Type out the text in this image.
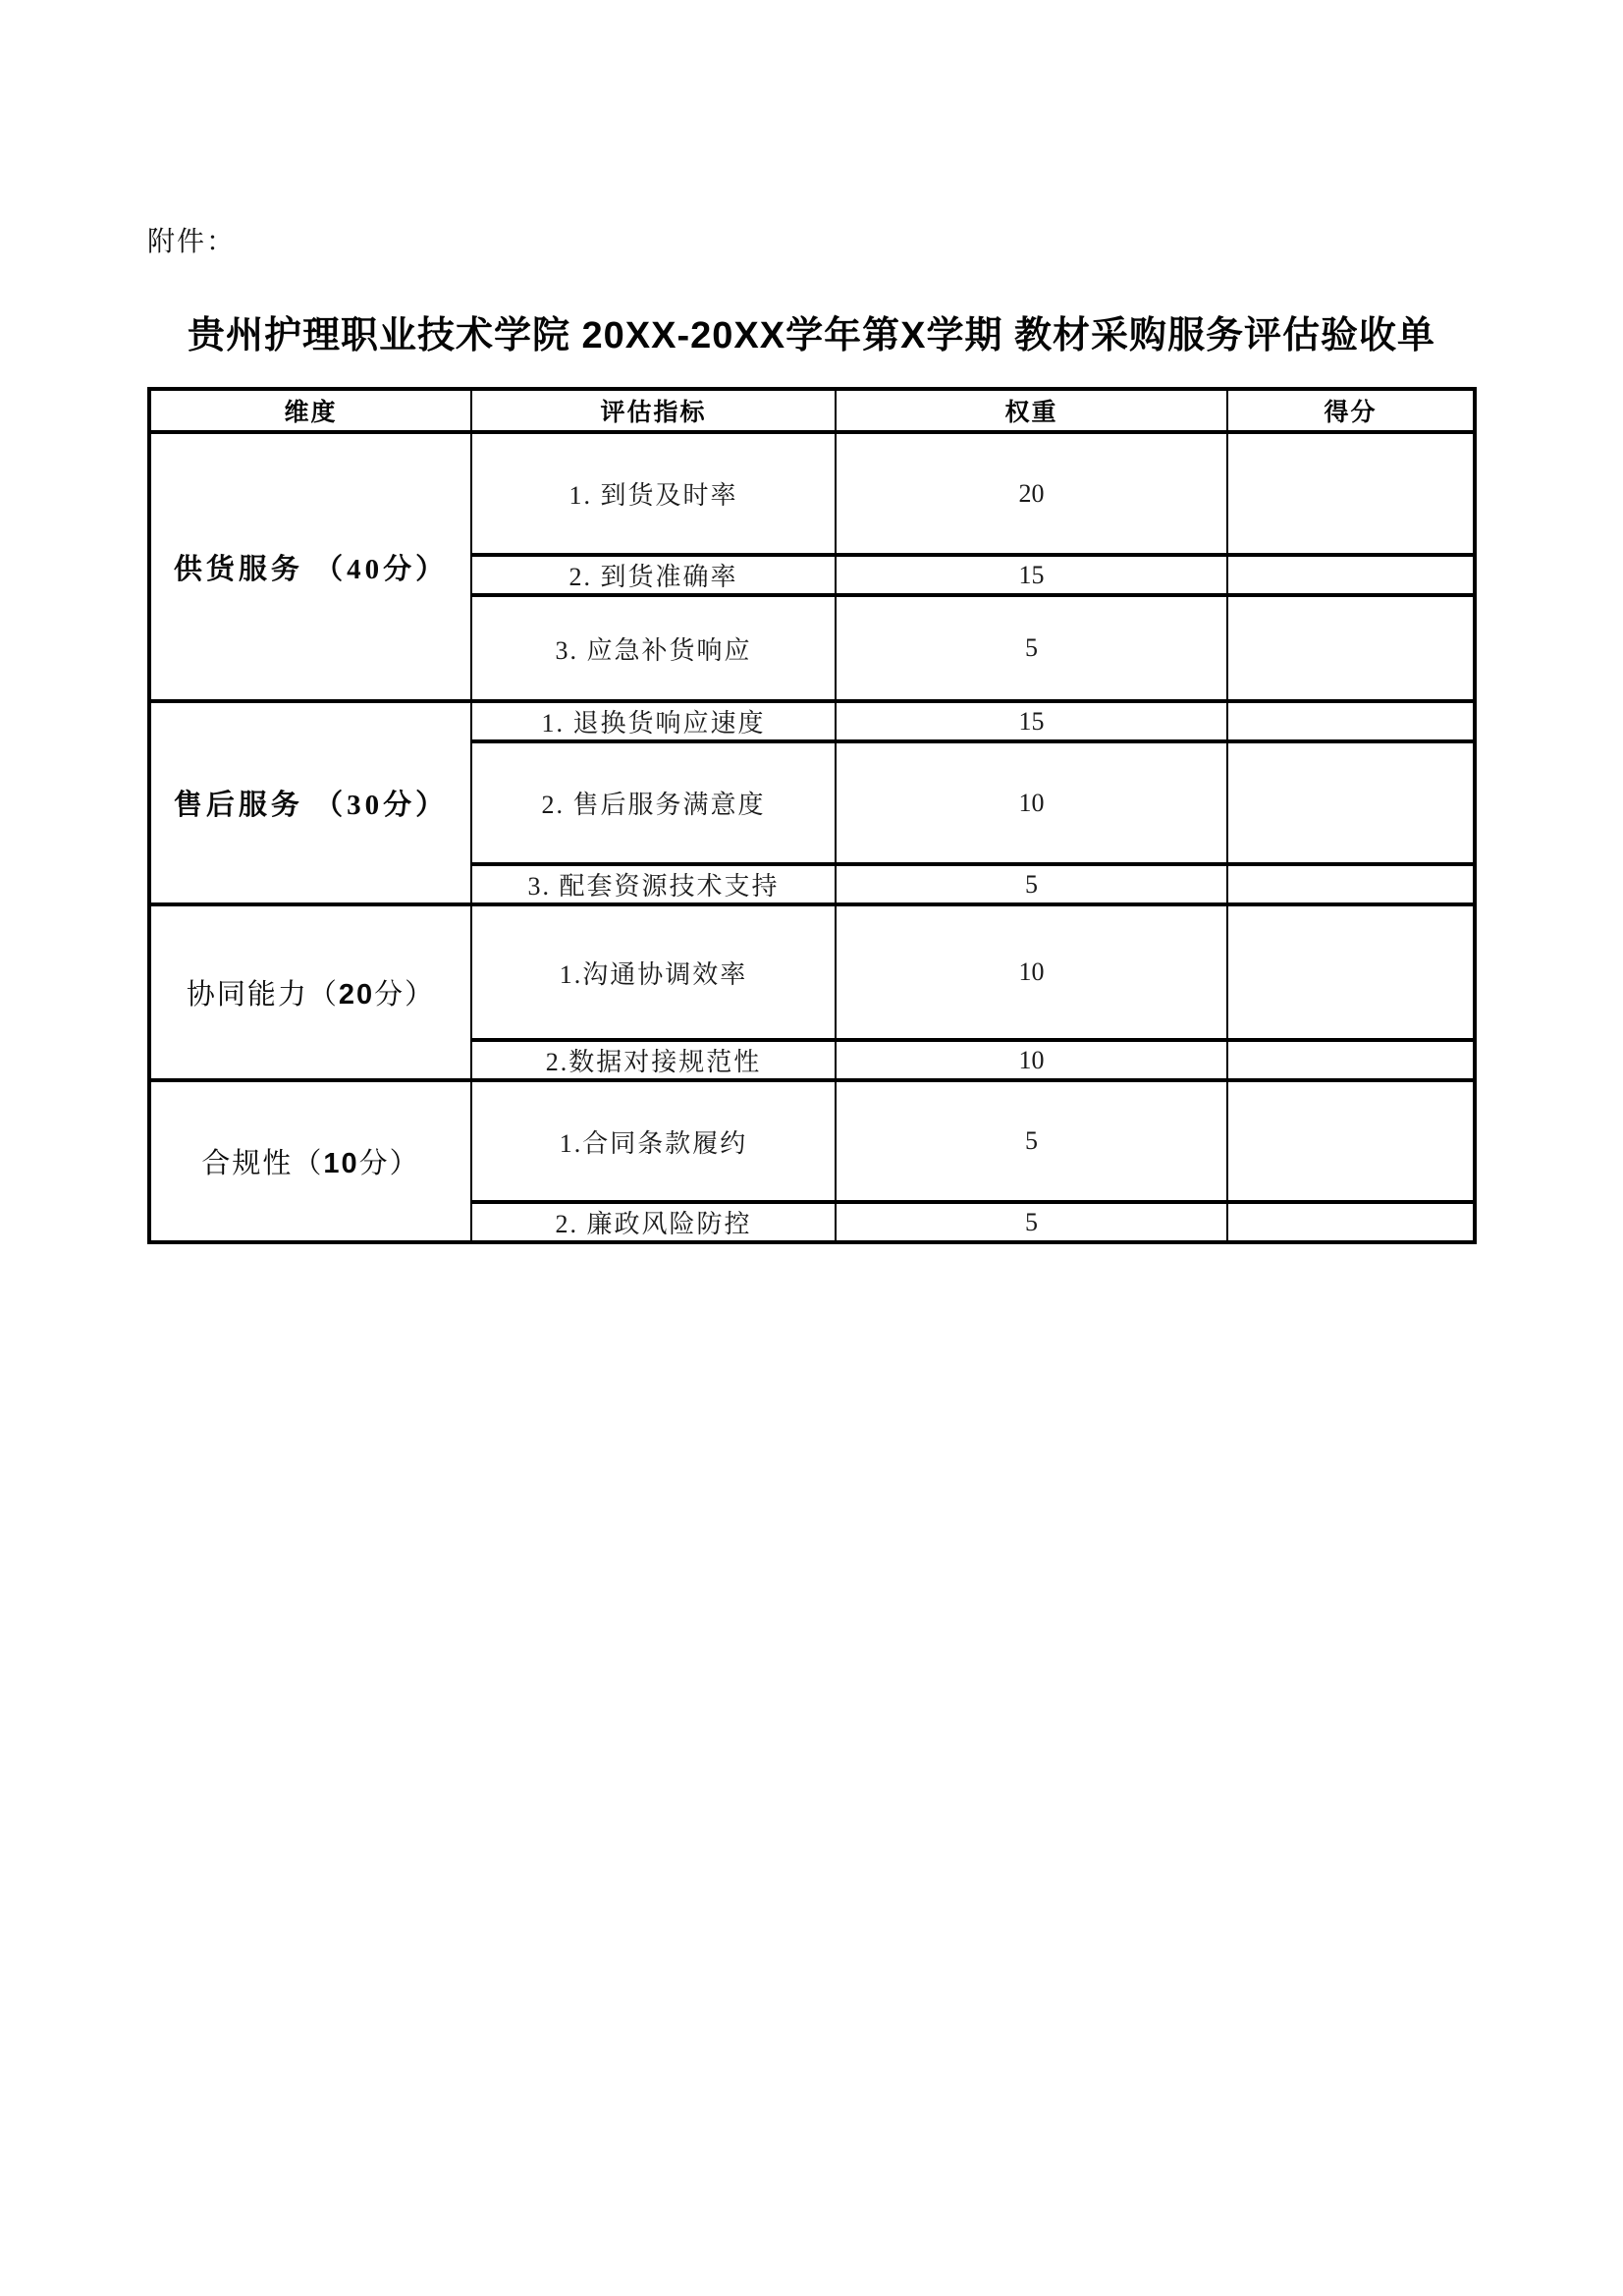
附件：
贵州护理职业技术学院 20XX-20XX学年第X学期 教材采购服务评估验收单
维度	评估指标	权重	得分
供货服务 （40分）	1. 到货及时率	20	
	2. 到货准确率	15	
	3. 应急补货响应	5	
售后服务 （30分）	1. 退换货响应速度	15	
	2. 售后服务满意度	10	
	3. 配套资源技术支持	5	
协同能力（20分）	1.沟通协调效率	10	
	2.数据对接规范性	10	
合规性（10分）	1.合同条款履约	5	
	2. 廉政风险防控	5	
